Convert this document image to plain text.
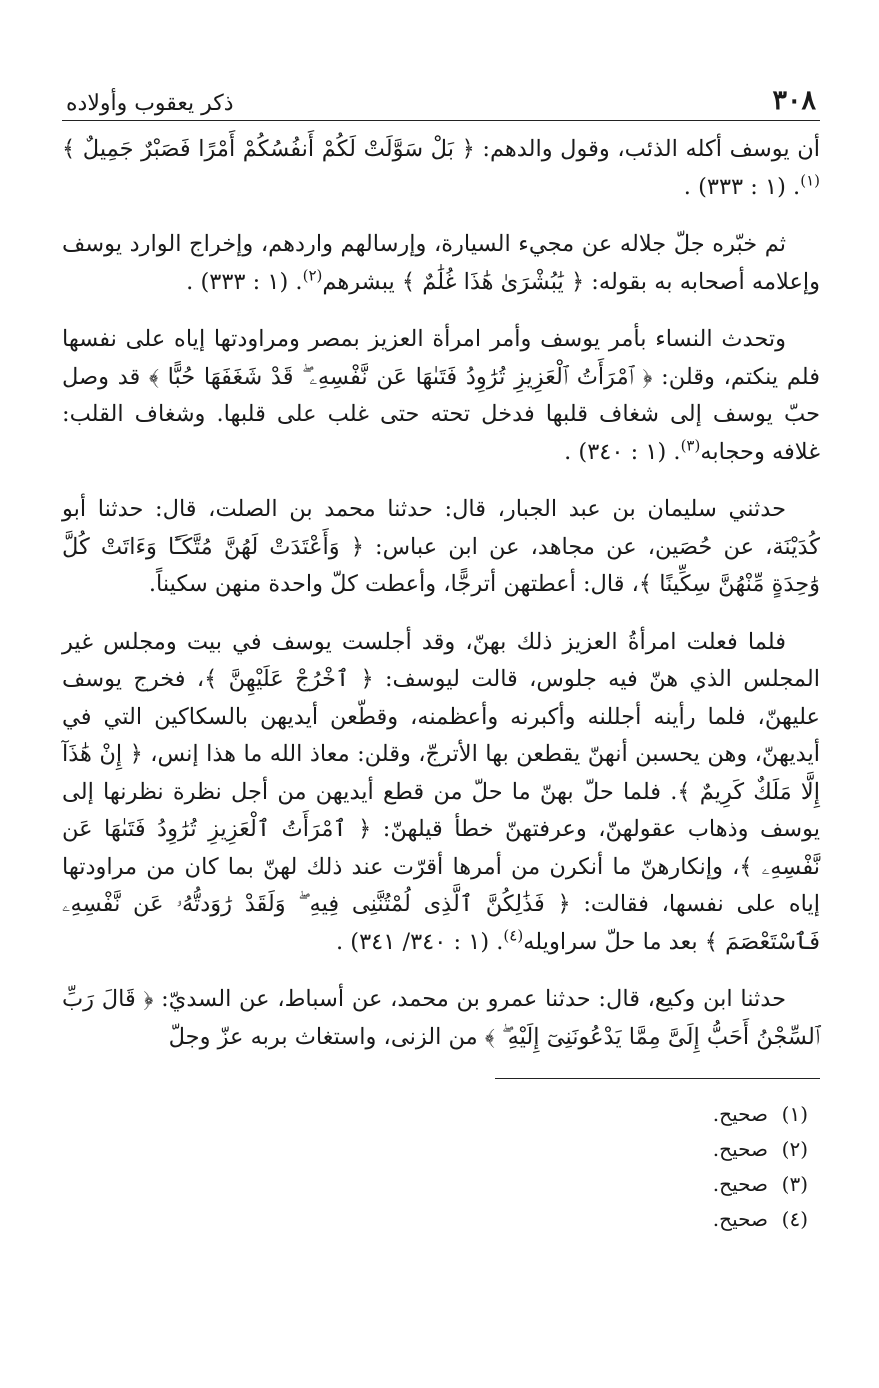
٣٠٨
ذكر يعقوب وأولاده

أن يوسف أكله الذئب، وقول والدهم: ﴿ بَلْ سَوَّلَتْ لَكُمْ أَنفُسُكُمْ أَمْرًا فَصَبْرٌ جَمِيلٌ ﴾$^{(١)}$. (١ : ٣٣٣) .

ثم خبّره جلّ جلاله عن مجيء السيارة، وإرسالهم واردهم، وإخراج الوارد يوسف وإعلامه أصحابه به بقوله: ﴿ يَٰبُشْرَىٰ هَٰذَا غُلَٰمٌ ﴾ يبشرهم$^{(٢)}$. (١ : ٣٣٣) .

وتحدث النساء بأمر يوسف وأمر امرأة العزيز بمصر ومراودتها إياه على نفسها فلم ينكتم، وقلن: ﴿ ٱمْرَأَتُ ٱلْعَزِيزِ تُرَٰوِدُ فَتَىٰهَا عَن نَّفْسِهِۦ ۖ قَدْ شَغَفَهَا حُبًّا ﴾ قد وصل حبّ يوسف إلى شغاف قلبها فدخل تحته حتى غلب على قلبها. وشغاف القلب: غلافه وحجابه$^{(٣)}$. (١ : ٣٤٠) .

حدثني سليمان بن عبد الجبار، قال: حدثنا محمد بن الصلت، قال: حدثنا أبو كُدَيْنَة، عن حُصَين، عن مجاهد، عن ابن عباس: ﴿ وَأَعْتَدَتْ لَهُنَّ مُتَّكَـًٔا وَءَاتَتْ كُلَّ وَٰحِدَةٍ مِّنْهُنَّ سِكِّينًا ﴾، قال: أعطتهن أترجًّا، وأعطت كلّ واحدة منهن سكيناً.

فلما فعلت امرأةُ العزيز ذلك بهنّ، وقد أجلست يوسف في بيت ومجلس غير المجلس الذي هنّ فيه جلوس، قالت ليوسف: ﴿ ٱخْرُجْ عَلَيْهِنَّ ﴾، فخرج يوسف عليهنّ، فلما رأينه أجللنه وأكبرنه وأعظمنه، وقطّعن أيديهن بالسكاكين التي في أيديهنّ، وهن يحسبن أنهنّ يقطعن بها الأترجّ، وقلن: معاذ الله ما هذا إنس، ﴿ إِنْ هَٰذَآ إِلَّا مَلَكٌ كَرِيمٌ ﴾. فلما حلّ بهنّ ما حلّ من قطع أيديهن من أجل نظرة نظرنها إلى يوسف وذهاب عقولهنّ، وعرفتهنّ خطأ قيلهنّ: ﴿ ٱمْرَأَتُ ٱلْعَزِيزِ تُرَٰوِدُ فَتَىٰهَا عَن نَّفْسِهِۦ ﴾، وإنكارهنّ ما أنكرن من أمرها أقرّت عند ذلك لهنّ بما كان من مراودتها إياه على نفسها، فقالت: ﴿ فَذَٰلِكُنَّ ٱلَّذِى لُمْتُنَّنِى فِيهِ ۖ وَلَقَدْ رَٰوَدتُّهُۥ عَن نَّفْسِهِۦ فَٱسْتَعْصَمَ ﴾ بعد ما حلّ سراويله$^{(٤)}$. (١ : ٣٤٠/ ٣٤١) .

حدثنا ابن وكيع، قال: حدثنا عمرو بن محمد، عن أسباط، عن السديّ: ﴿ قَالَ رَبِّ ٱلسِّجْنُ أَحَبُّ إِلَىَّ مِمَّا يَدْعُونَنِىٓ إِلَيْهِ ۖ ﴾ من الزنى، واستغاث بربه عزّ وجلّ

(١)صحيح.
(٢)صحيح.
(٣)صحيح.
(٤)صحيح.
